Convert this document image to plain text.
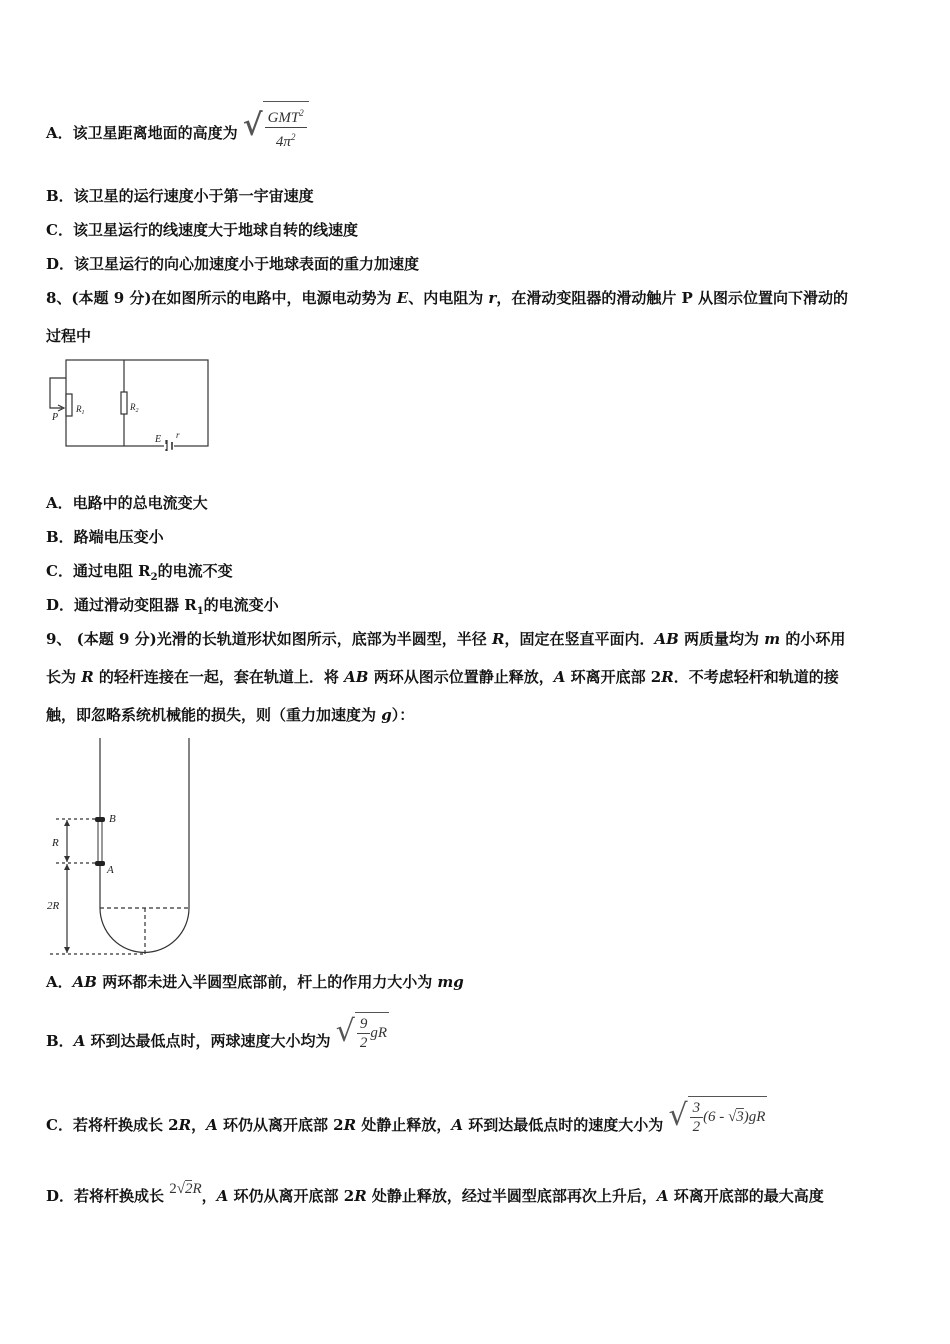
A．该卫星距离地面的高度为 √ $\frac{GMT^2}{4\pi^2}$
B．该卫星的运行速度小于第一宇宙速度
C．该卫星运行的线速度大于地球自转的线速度
D．该卫星运行的向心加速度小于地球表面的重力加速度
8、(本题 9 分)在如图所示的电路中，电源电动势为 E、内电阻为 r，在滑动变阻器的滑动触片 P 从图示位置向下滑动的
过程中
$R_1$
$R_2$
P
E r
A．电路中的总电流变大
B．路端电压变小
C．通过电阻 $R_2$的电流不变
D．通过滑动变阻器 $R_1$的电流变小
9、 (本题 9 分)光滑的长轨道形状如图所示，底部为半圆型，半径 R，固定在竖直平面内．AB 两质量均为 m 的小环用
长为 R 的轻杆连接在一起，套在轨道上．将 AB 两环从图示位置静止释放，A 环离开底部 2R．不考虑轻杆和轨道的接
触，即忽略系统机械能的损失，则（重力加速度为 g）：
B
A
R
2R
A．AB 两环都未进入半圆型底部前，杆上的作用力大小为 mg
B．A 环到达最低点时，两球速度大小均为 √ $\frac{9}{2}$ gR
C．若将杆换成长 2R，A 环仍从离开底部 2R 处静止释放，A 环到达最低点时的速度大小为 √ $\frac{3}{2} (6 - √3)gR$
D．若将杆换成长 2√2R，A 环仍从离开底部 2R 处静止释放，经过半圆型底部再次上升后，A 环离开底部的最大高度
